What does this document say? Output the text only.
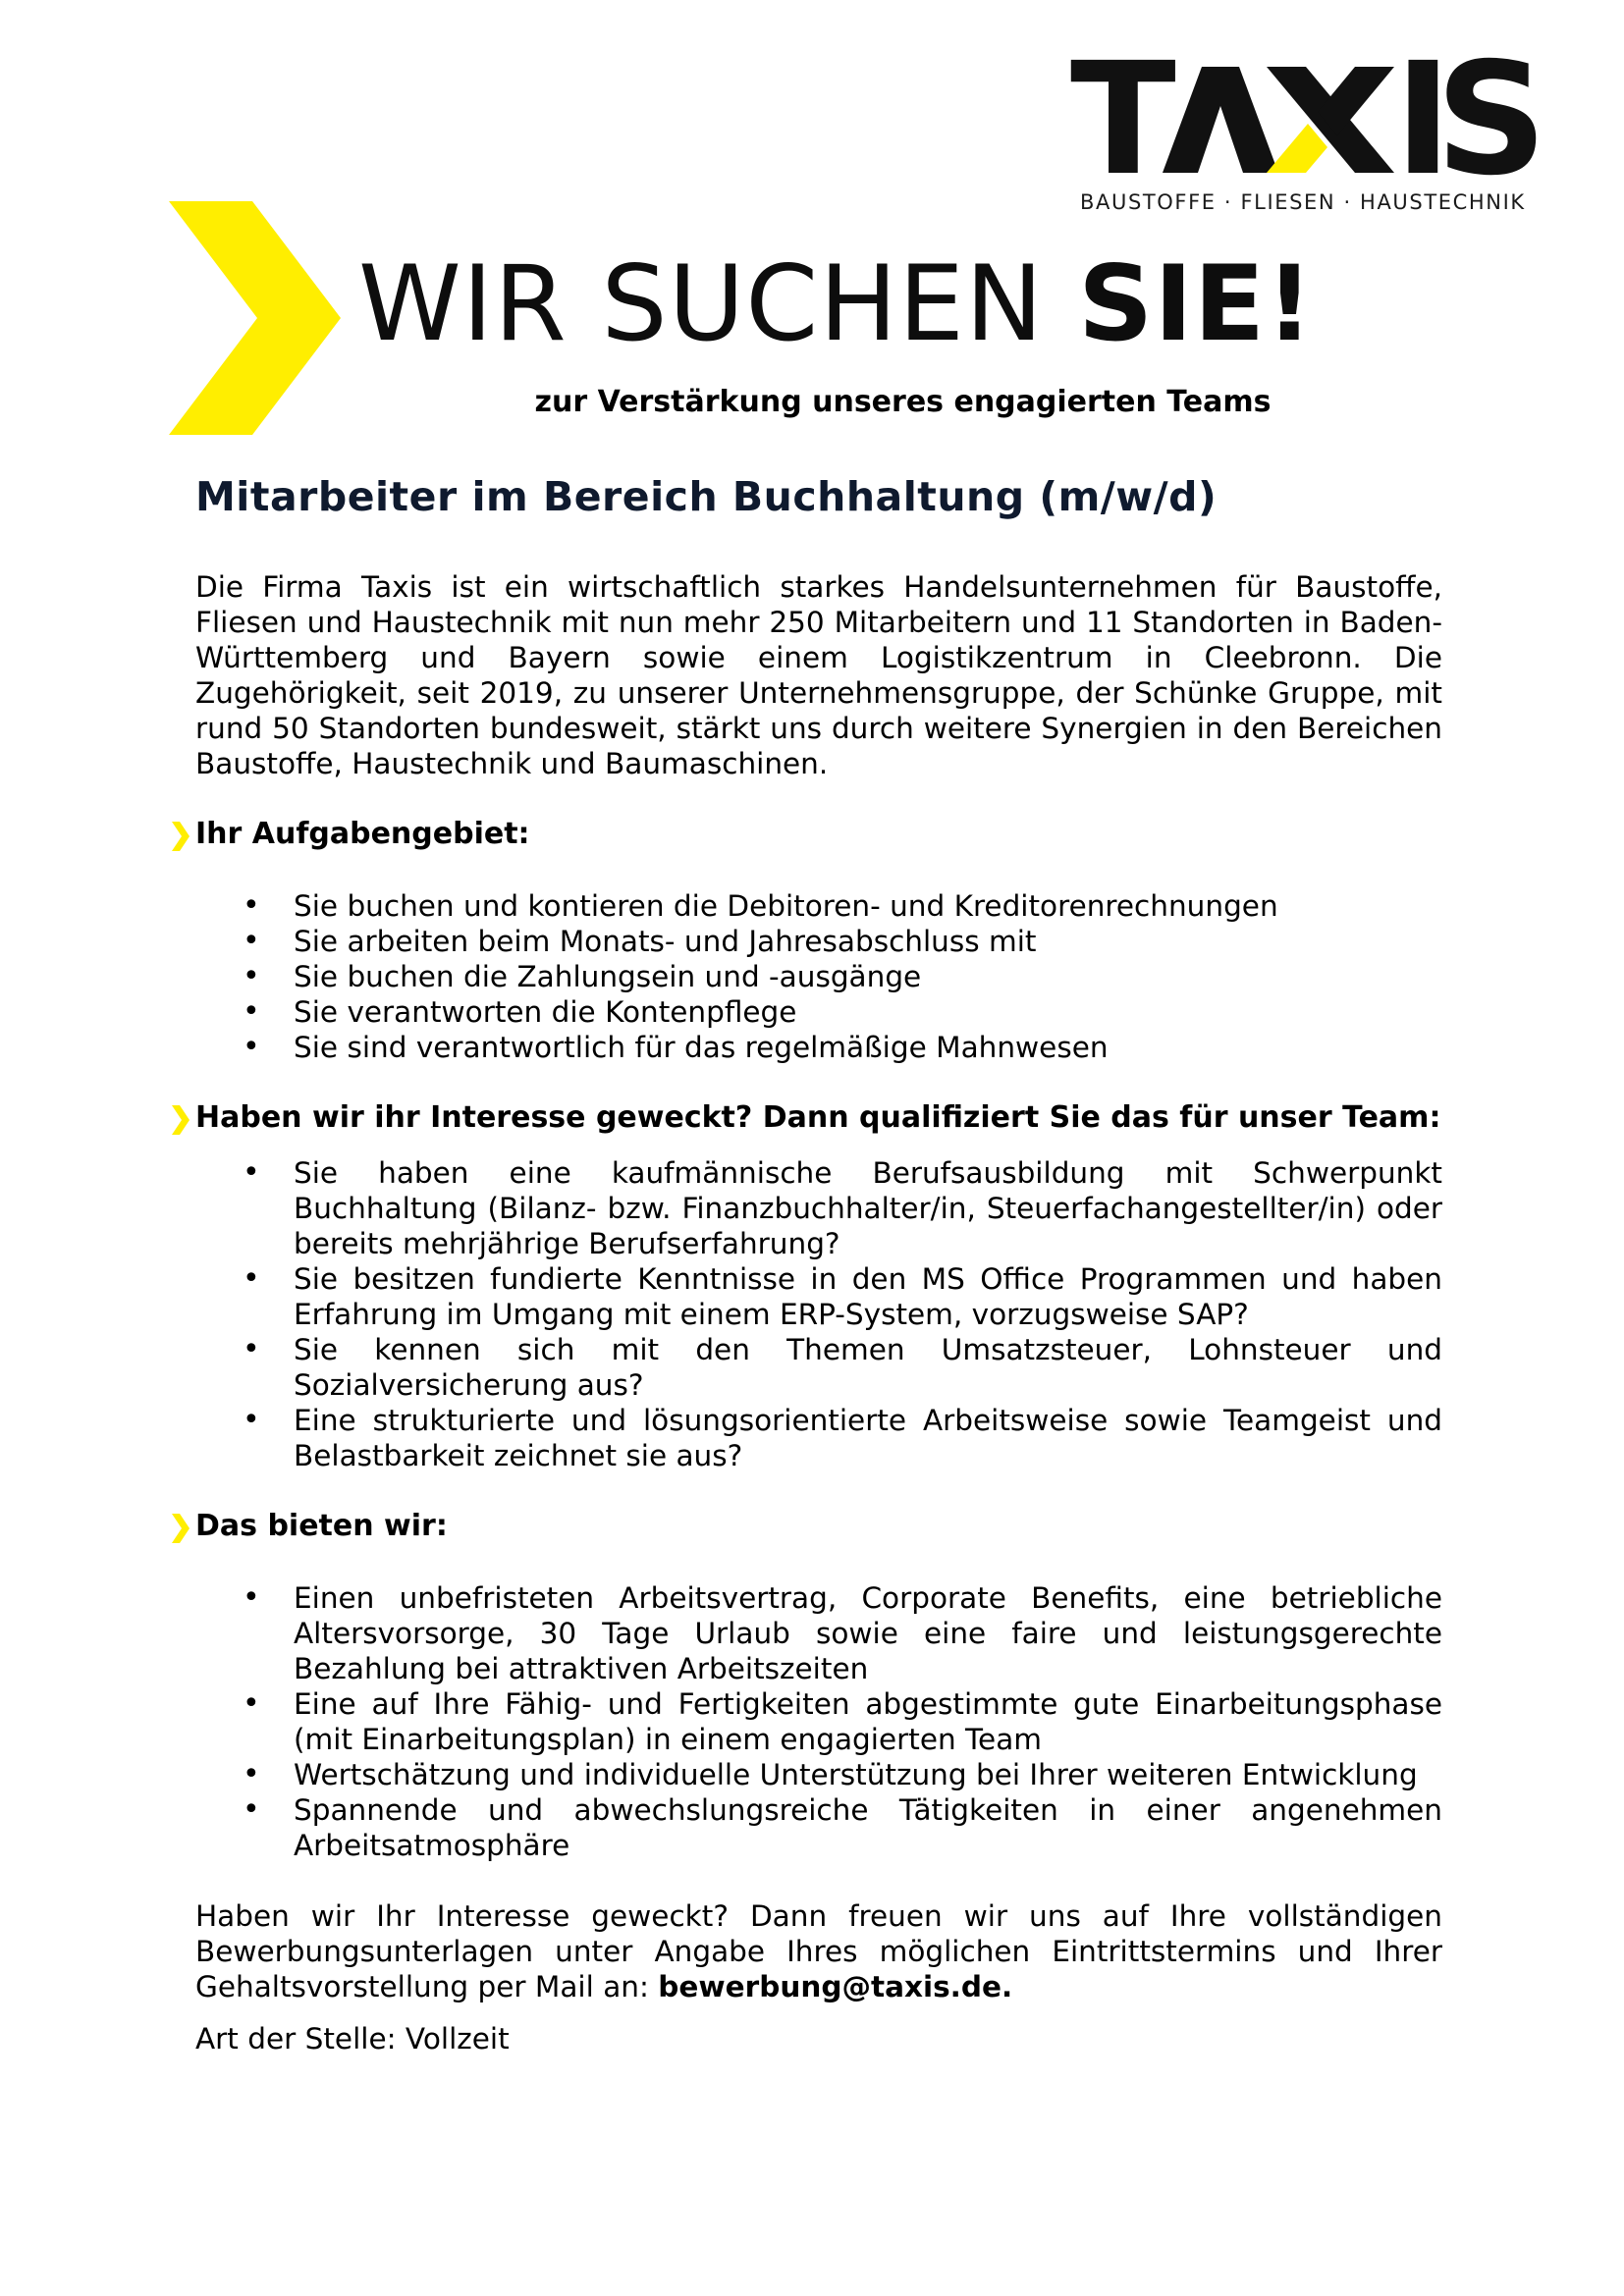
T I
S
BAUSTOFFE · FLIESEN · HAUSTECHNIK
WIR SUCHEN SIE!
zur Verstärkung unseres engagierten Teams
Mitarbeiter im Bereich Buchhaltung (m/w/d)

Die Firma Taxis ist ein wirtschaftlich starkes Handelsunternehmen für Baustoffe, Fliesen und Haustechnik mit nun mehr 250 Mitarbeitern und 11 Standorten in Baden-Württemberg und Bayern sowie einem Logistikzentrum in Cleebronn. Die Zugehörigkeit, seit 2019, zu unserer Unternehmensgruppe, der Schünke Gruppe, mit rund 50 Standorten bundesweit, stärkt uns durch weitere Synergien in den Bereichen Baustoffe, Haustechnik und Baumaschinen.

Ihr Aufgabengebiet:
• Sie buchen und kontieren die Debitoren- und Kreditorenrechnungen
• Sie arbeiten beim Monats- und Jahresabschluss mit
• Sie buchen die Zahlungsein und -ausgänge
• Sie verantworten die Kontenpflege
• Sie sind verantwortlich für das regelmäßige Mahnwesen
Haben wir ihr Interesse geweckt? Dann qualifiziert Sie das für unser Team:
• Sie haben eine kaufmännische Berufsausbildung mit Schwerpunkt Buchhaltung (Bilanz- bzw. Finanzbuchhalter/in, Steuerfachangestellter/in) oder bereits mehrjährige Berufserfahrung?
• Sie besitzen fundierte Kenntnisse in den MS Office Programmen und haben Erfahrung im Umgang mit einem ERP-System, vorzugsweise SAP?
• Sie kennen sich mit den Themen Umsatzsteuer, Lohnsteuer und Sozialversicherung aus?
• Eine strukturierte und lösungsorientierte Arbeitsweise sowie Teamgeist und Belastbarkeit zeichnet sie aus?
Das bieten wir:
• Einen unbefristeten Arbeitsvertrag, Corporate Benefits, eine betriebliche Altersvorsorge, 30 Tage Urlaub sowie eine faire und leistungsgerechte Bezahlung bei attraktiven Arbeitszeiten
• Eine auf Ihre Fähig- und Fertigkeiten abgestimmte gute Einarbeitungsphase (mit Einarbeitungsplan) in einem engagierten Team
• Wertschätzung und individuelle Unterstützung bei Ihrer weiteren Entwicklung
• Spannende und abwechslungsreiche Tätigkeiten in einer angenehmen Arbeitsatmosphäre

Haben wir Ihr Interesse geweckt? Dann freuen wir uns auf Ihre vollständigen Bewerbungsunterlagen unter Angabe Ihres möglichen Eintrittstermins und Ihrer Gehaltsvorstellung per Mail an: bewerbung@taxis.de.

Art der Stelle: Vollzeit
